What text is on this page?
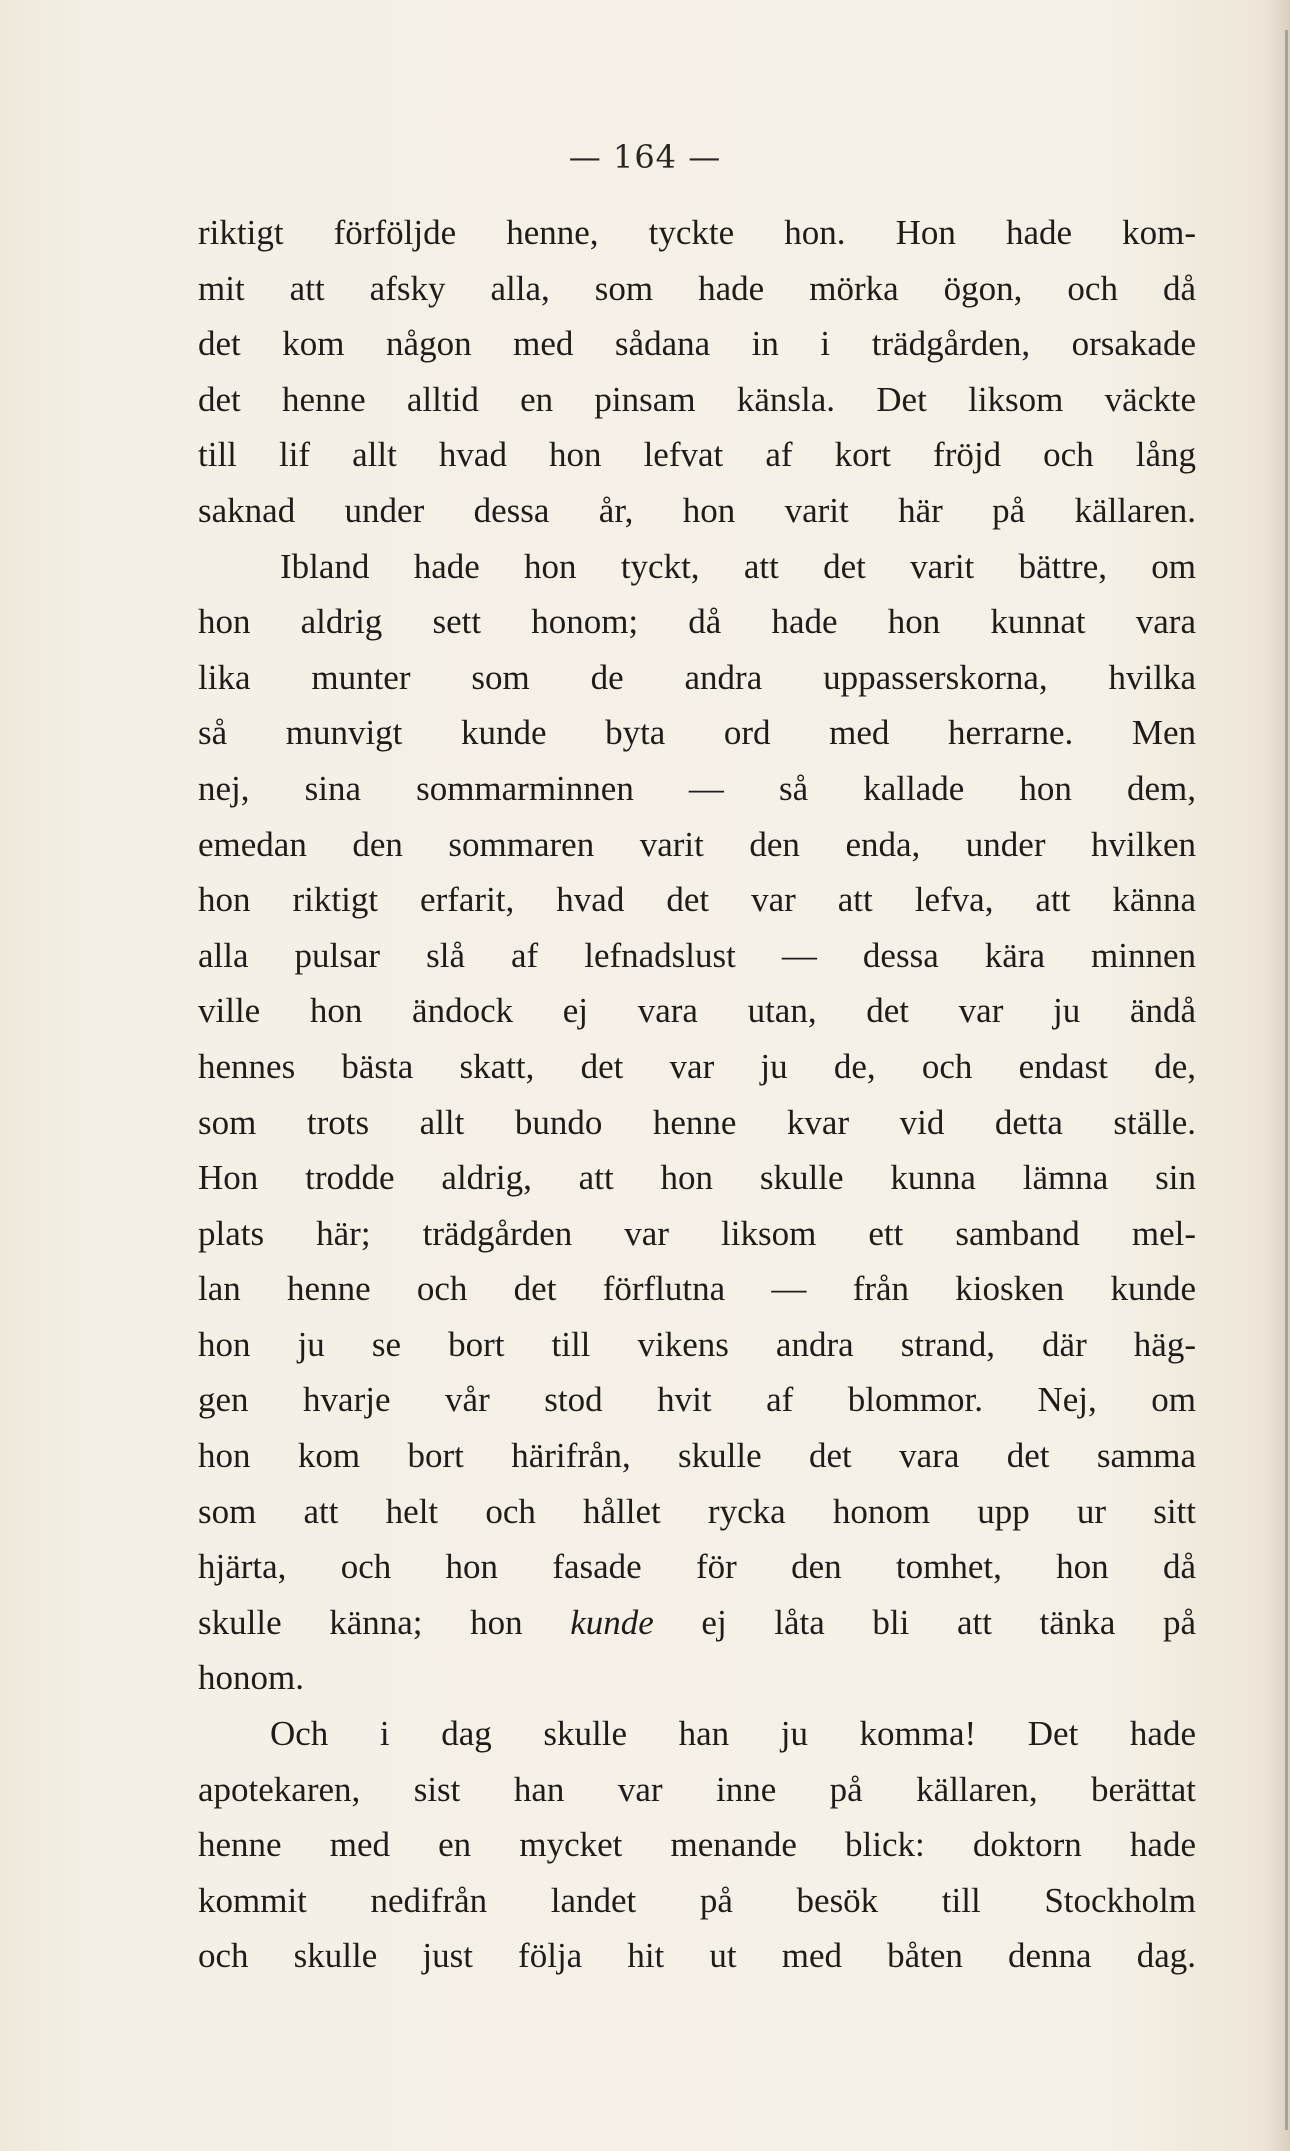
— 164 —
riktigt förföljde henne, tyckte hon. Hon hade kom-
mit att afsky alla, som hade mörka ögon, och då
det kom någon med sådana in i trädgården, orsakade
det henne alltid en pinsam känsla. Det liksom väckte
till lif allt hvad hon lefvat af kort fröjd och lång
saknad under dessa år, hon varit här på källaren.
Ibland hade hon tyckt, att det varit bättre, om
hon aldrig sett honom; då hade hon kunnat vara
lika munter som de andra uppasserskorna, hvilka
så munvigt kunde byta ord med herrarne. Men
nej, sina sommarminnen — så kallade hon dem,
emedan den sommaren varit den enda, under hvilken
hon riktigt erfarit, hvad det var att lefva, att känna
alla pulsar slå af lefnadslust — dessa kära minnen
ville hon ändock ej vara utan, det var ju ändå
hennes bästa skatt, det var ju de, och endast de,
som trots allt bundo henne kvar vid detta ställe.
Hon trodde aldrig, att hon skulle kunna lämna sin
plats här; trädgården var liksom ett samband mel-
lan henne och det förflutna — från kiosken kunde
hon ju se bort till vikens andra strand, där häg-
gen hvarje vår stod hvit af blommor. Nej, om
hon kom bort härifrån, skulle det vara det samma
som att helt och hållet rycka honom upp ur sitt
hjärta, och hon fasade för den tomhet, hon då
skulle känna; hon kunde ej låta bli att tänka på
honom.
Och i dag skulle han ju komma! Det hade
apotekaren, sist han var inne på källaren, berättat
henne med en mycket menande blick: doktorn hade
kommit nedifrån landet på besök till Stockholm
och skulle just följa hit ut med båten denna dag.
